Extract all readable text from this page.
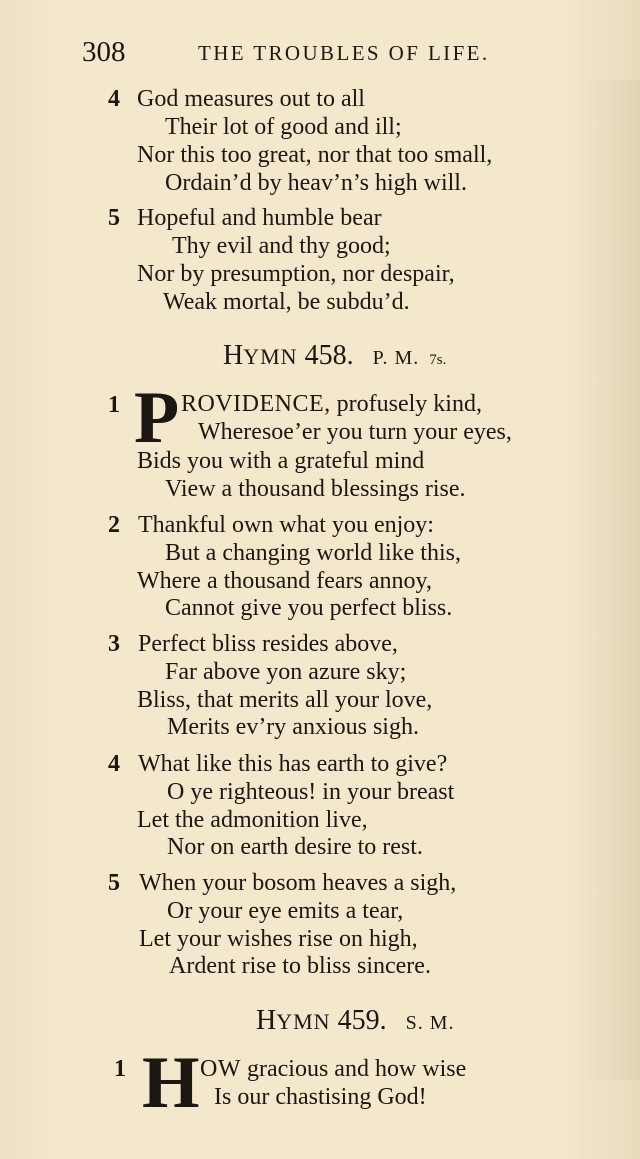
308	THE TROUBLES OF LIFE.
4 God measures out to all
Their lot of good and ill;
Nor this too great, nor that too small,
Ordain’d by heav’n’s high will.
5 Hopeful and humble bear
Thy evil and thy good;
Nor by presumption, nor despair,
Weak mortal, be subdu’d.
HYMN 458. P. M. 7s.
1 P ROVIDENCE, profusely kind,
Wheresoe’er you turn your eyes,
Bids you with a grateful mind
View a thousand blessings rise.
2 Thankful own what you enjoy:
But a changing world like this,
Where a thousand fears annoy,
Cannot give you perfect bliss.
3 Perfect bliss resides above,
Far above yon azure sky;
Bliss, that merits all your love,
Merits ev’ry anxious sigh.
4 What like this has earth to give?
O ye righteous! in your breast
Let the admonition live,
Nor on earth desire to rest.
5 When your bosom heaves a sigh,
Or your eye emits a tear,
Let your wishes rise on high,
Ardent rise to bliss sincere.
HYMN 459. S. M.
1 H OW gracious and how wise
Is our chastising God!
